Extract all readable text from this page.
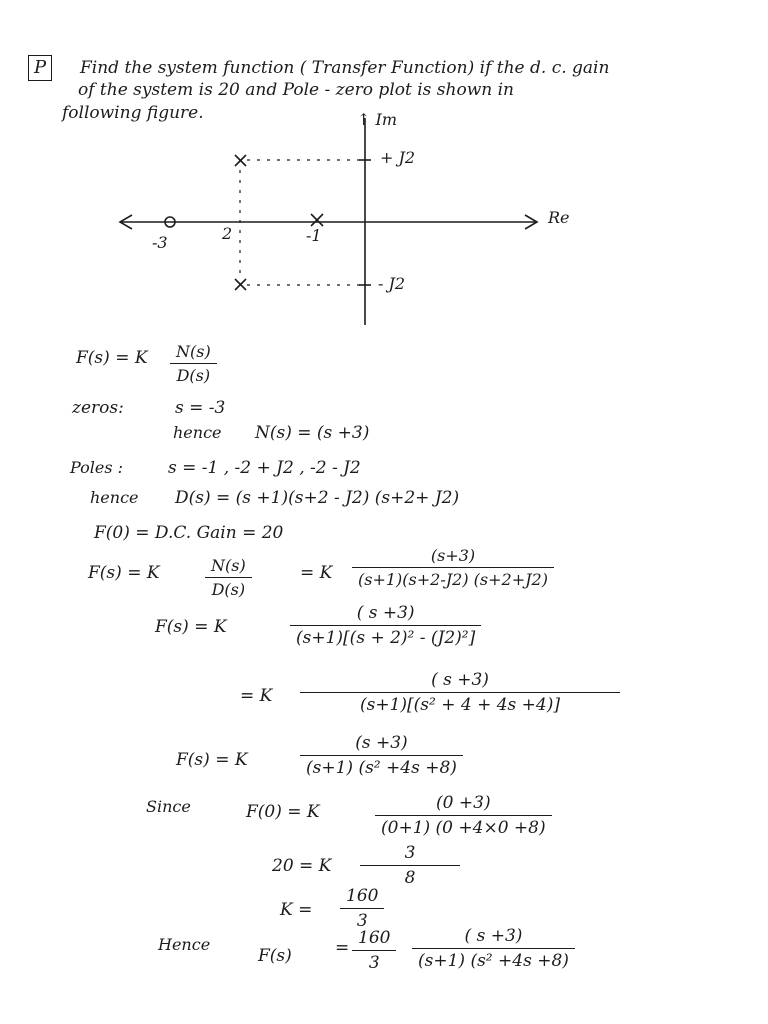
P	Find the system function ( Transfer Function) if the d. c. gain
of the system is 20 and Pole - zero plot is shown in
following figure.	↑ Im
Re
+ J2
- J2
-3	2	-1
F(s) = K	N(s)
D(s)
zeros:	s = -3
hence N(s) = (s +3)
Poles :	s = -1 , -2 + J2 , -2 - J2
hence D(s) = (s +1)(s+2 - J2) (s+2+ J2)
F(0) = D.C. Gain = 20
F(s) = K	N(s)
D(s)
= K
(s+3)
(s+1)(s+2-J2) (s+2+J2)
F(s) = K
( s +3)
(s+1)[(s + 2)² - (J2)²]
= K
( s +3)
(s+1)[(s² + 4 + 4s +4)]
F(s) = K
(s +3)
(s+1) (s² +4s +8)
Since	F(0) = K	(0 +3)
(0+1) (0 +4×0 +8)
20 = K
3
8
K =
160
3
Hence
F(s)	= 160
3
( s +3)
(s+1) (s² +4s +8)
